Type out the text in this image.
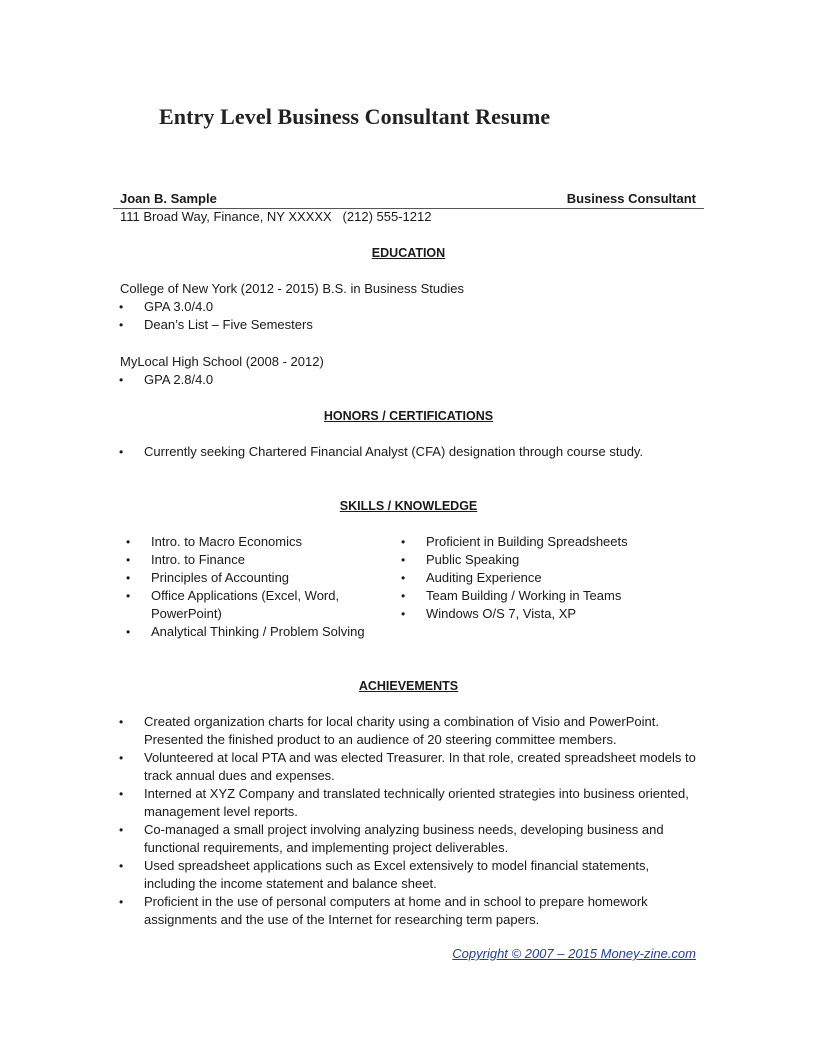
Entry Level Business Consultant Resume
Joan B. Sample	Business Consultant
111 Broad Way, Finance, NY XXXXX   (212) 555-1212
EDUCATION
College of New York (2012 - 2015) B.S. in Business Studies
• GPA 3.0/4.0
• Dean’s List – Five Semesters
MyLocal High School (2008 - 2012)
• GPA 2.8/4.0
HONORS / CERTIFICATIONS
• Currently seeking Chartered Financial Analyst (CFA) designation through course study.
SKILLS / KNOWLEDGE
• Intro. to Macro Economics
• Intro. to Finance
• Principles of Accounting
• Office Applications (Excel, Word, PowerPoint)
• Analytical Thinking / Problem Solving
• Proficient in Building Spreadsheets
• Public Speaking
• Auditing Experience
• Team Building / Working in Teams
• Windows O/S 7, Vista, XP
ACHIEVEMENTS
• Created organization charts for local charity using a combination of Visio and PowerPoint. Presented the finished product to an audience of 20 steering committee members.
• Volunteered at local PTA and was elected Treasurer. In that role, created spreadsheet models to track annual dues and expenses.
• Interned at XYZ Company and translated technically oriented strategies into business oriented, management level reports.
• Co-managed a small project involving analyzing business needs, developing business and functional requirements, and implementing project deliverables.
• Used spreadsheet applications such as Excel extensively to model financial statements, including the income statement and balance sheet.
• Proficient in the use of personal computers at home and in school to prepare homework assignments and the use of the Internet for researching term papers.
Copyright © 2007 – 2015 Money-zine.com
